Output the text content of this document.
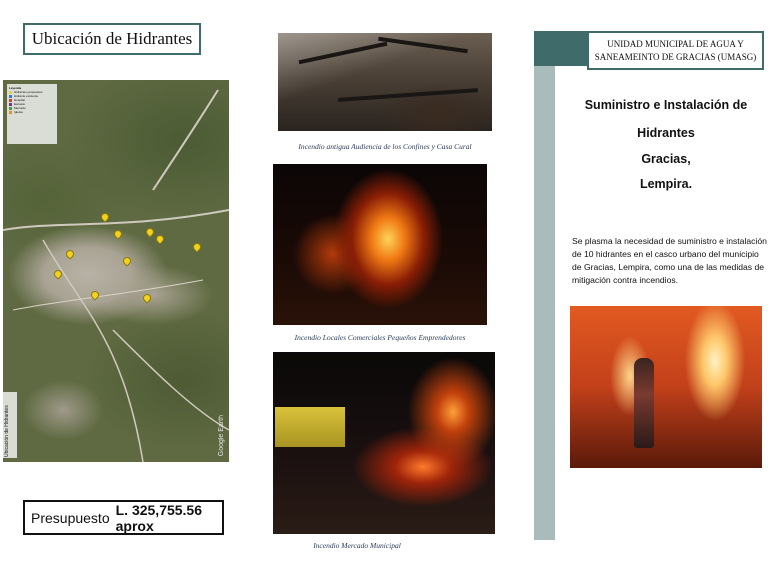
Ubicación de Hidrantes
Leyenda
Hidrantes propuestos
Hidrante existente
Hospital
Escuela
Mercado
Iglesia
Ubicación de Hidrantes	Google Earth
Presupuesto L. 325,755.56 aprox
Incendio antigua Audiencia de los Confines y Casa Cural
Incendio Locales Comerciales Pequeños Emprendedores
Incendio Mercado Municipal
UNIDAD MUNICIPAL DE AGUA Y
SANEAMEINTO DE GRACIAS (UMASG)
Suministro e Instalación de
Hidrantes
Gracias,
Lempira.
Se plasma la necesidad de suministro e instalación de 10 hidrantes en el casco urbano del municipio de Gracias, Lempira, como una de las medidas de mitigación contra incendios.
